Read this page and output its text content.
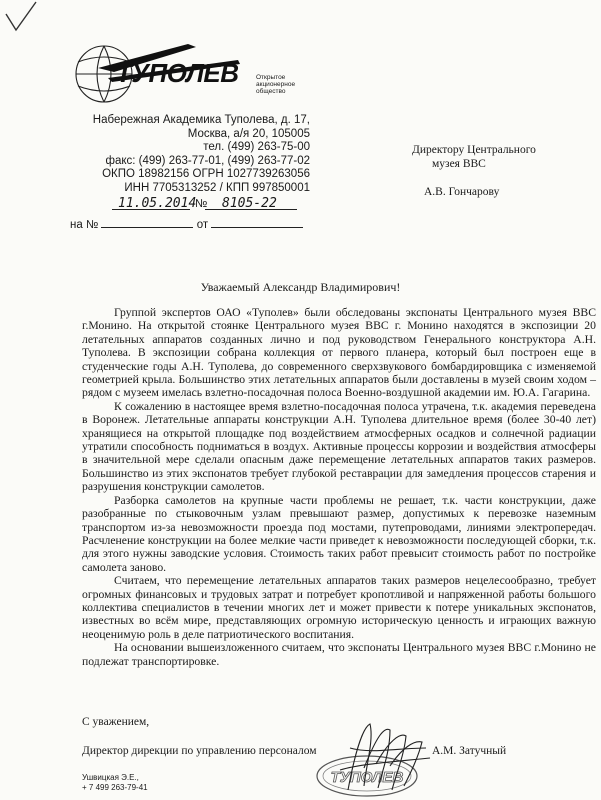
ТУПОЛЕВ	Открытое
акционерное
общество
Набережная Академика Туполева, д. 17,
Москва, а/я 20, 105005
тел. (499) 263-75-00
факс: (499) 263-77-01, (499) 263-77-02
ОКПО 18982156 ОГРН 1027739263056
ИНН 7705313252 / КПП 997850001
11.05.2014
№ 8105-22
на №	от
Директору Центрального
музея ВВС
А.В. Гончарову
Уважаемый Александр Владимирович!

Группой экспертов ОАО «Туполев» были обследованы экспонаты Центрального музея ВВС г.Монино. На открытой стоянке Центрального музея ВВС г. Монино находятся в экспозиции 20 летательных аппаратов созданных лично и под руководством Генерального конструктора А.Н. Туполева. В экспозиции собрана коллекция от первого планера, который был построен еще в студенческие годы А.Н. Туполева, до современного сверхзвукового бомбардировщика с изменяемой геометрией крыла. Большинство этих летательных аппаратов были доставлены в музей своим ходом – рядом с музеем имелась взлетно-посадочная полоса Военно-воздушной академии им. Ю.А. Гагарина.

К сожалению в настоящее время взлетно-посадочная полоса утрачена, т.к. академия переведена в Воронеж. Летательные аппараты конструкции А.Н. Туполева длительное время (более 30-40 лет) хранящиеся на открытой площадке под воздействием атмосферных осадков и солнечной радиации утратили способность подниматься в воздух. Активные процессы коррозии и воздействия атмосферы в значительной мере сделали опасным даже перемещение летательных аппаратов таких размеров. Большинство из этих экспонатов требует глубокой реставрации для замедления процессов старения и разрушения конструкции самолетов.

Разборка самолетов на крупные части проблемы не решает, т.к. части конструкции, даже разобранные по стыковочным узлам превышают размер, допустимых к перевозке наземным транспортом из-за невозможности проезда под мостами, путепроводами, линиями электропередач. Расчленение конструкции на более мелкие части приведет к невозможности последующей сборки, т.к. для этого нужны заводские условия. Стоимость таких работ превысит стоимость работ по постройке самолета заново.

Считаем, что перемещение летательных аппаратов таких размеров нецелесообразно, требует огромных финансовых и трудовых затрат и потребует кропотливой и напряженной работы большого коллектива специалистов в течении многих лет и может привести к потере уникальных экспонатов, известных во всём мире, представляющих огромную историческую ценность и играющих важную неоценимую роль в деле патриотического воспитания.

На основании вышеизложенного считаем, что экспонаты Центрального музея ВВС г.Монино не подлежат транспортировке.

С уважением,
Директор дирекции по управлению персоналом	А.М. Затучный
ТУПОЛЕВ
Ушвицкая Э.Е.,
+ 7 499 263-79-41
